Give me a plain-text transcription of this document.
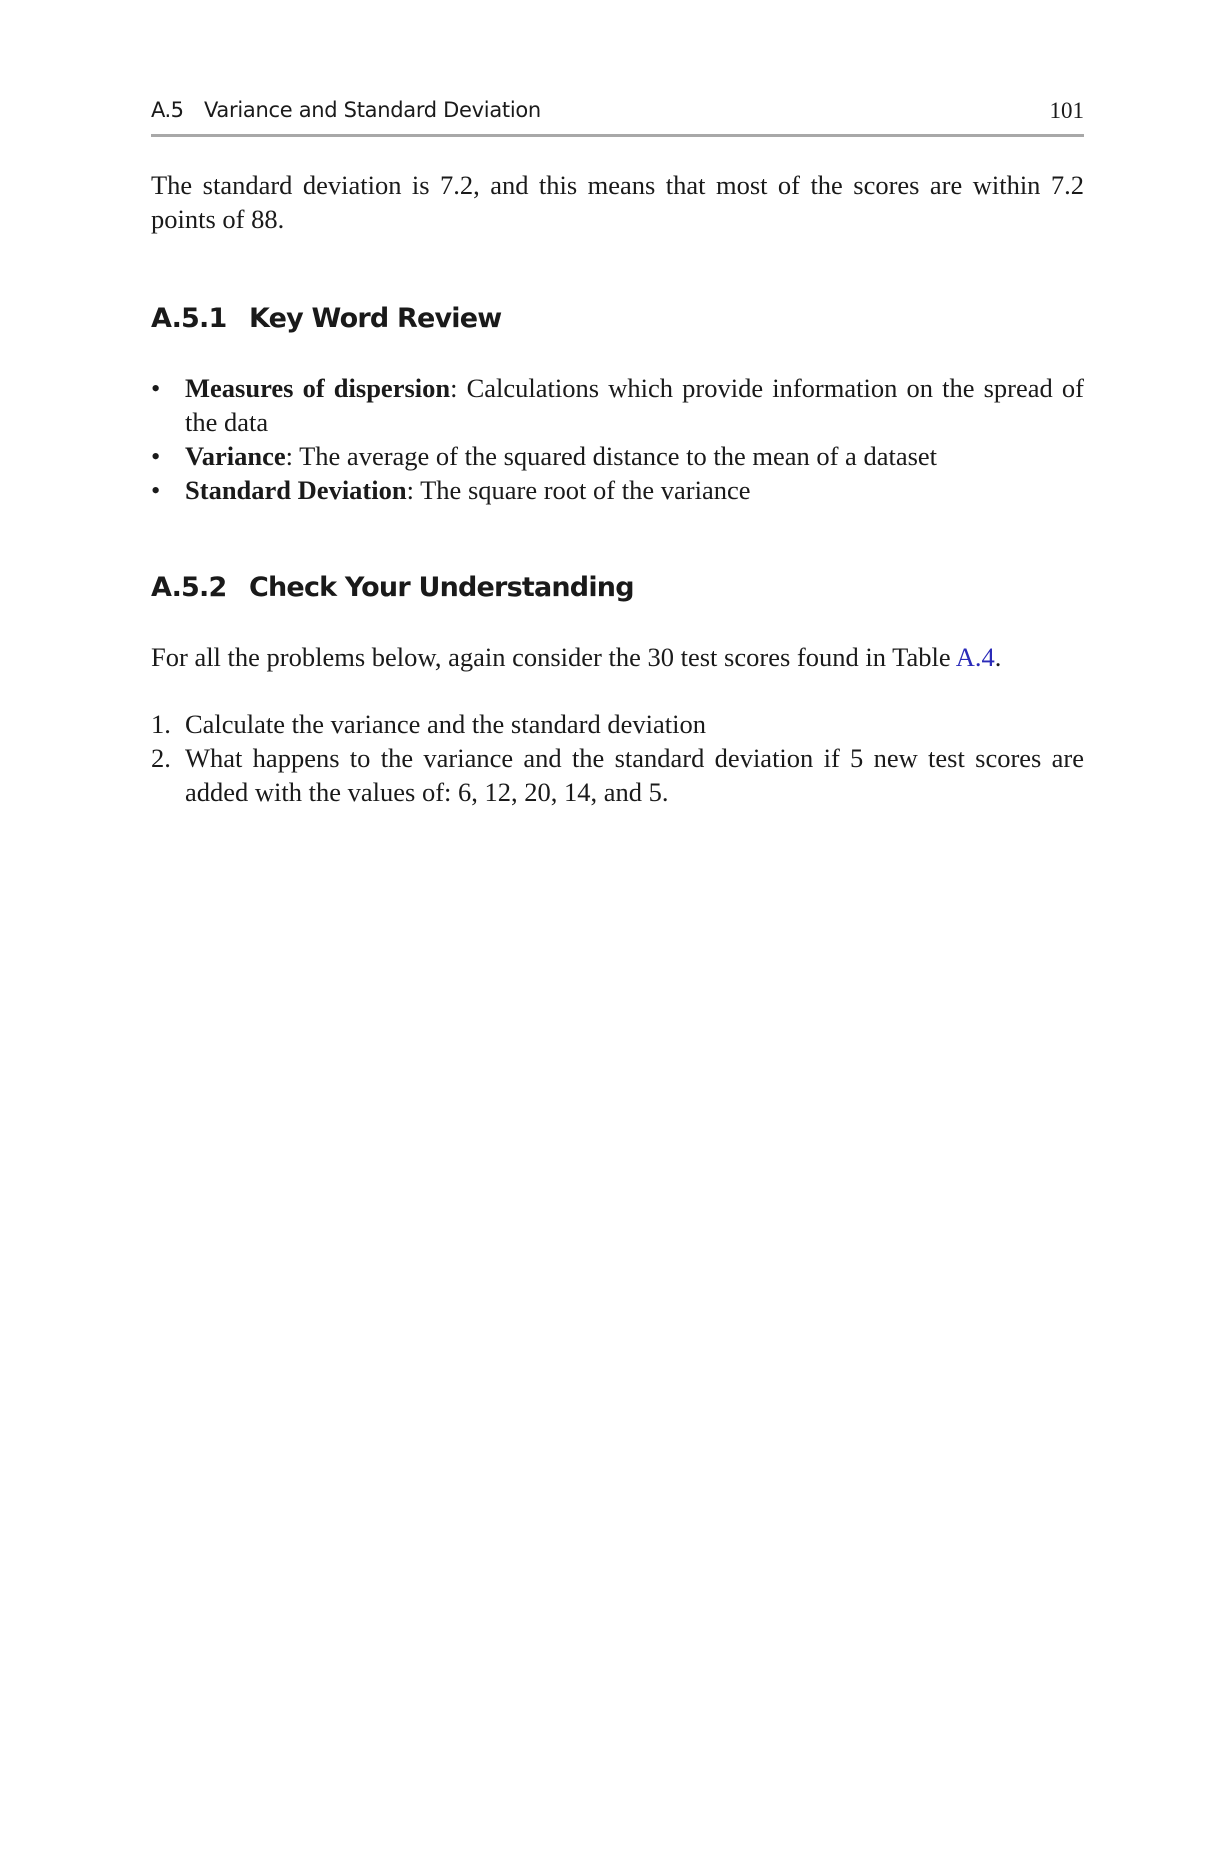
A.5 Variance and Standard Deviation	101

The standard deviation is 7.2, and this means that most of the scores are within 7.2 points of 88.

A.5.1 Key Word Review
• Measures of dispersion: Calculations which provide information on the spread of the data
• Variance: The average of the squared distance to the mean of a dataset
• Standard Deviation: The square root of the variance
A.5.2 Check Your Understanding

For all the problems below, again consider the 30 test scores found in Table A.4.

1. Calculate the variance and the standard deviation
2. What happens to the variance and the standard deviation if 5 new test scores are added with the values of: 6, 12, 20, 14, and 5.
